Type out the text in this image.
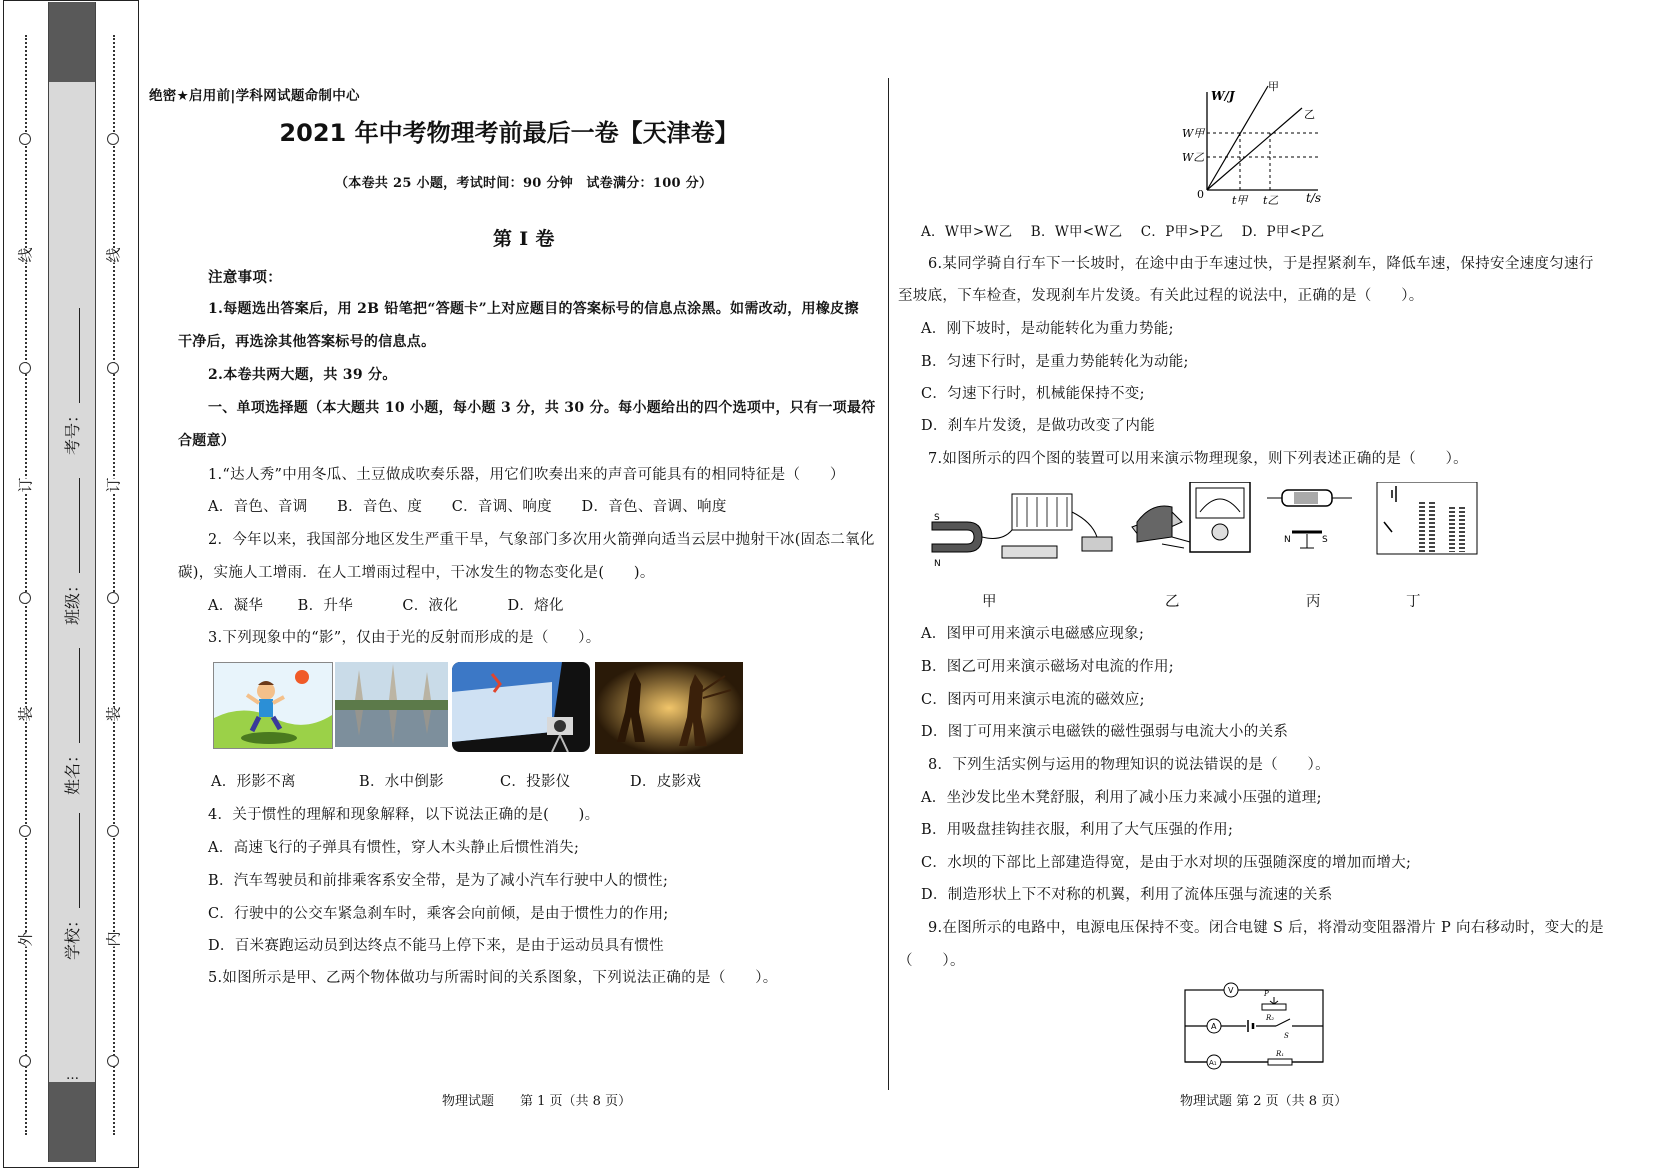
外
装
订
线
内
装
订
线
学校：
姓名：
班级：
考号：
…
绝密★启用前|学科网试题命制中心
2021 年中考物理考前最后一卷【天津卷】
（本卷共 25 小题，考试时间：90 分钟　试卷满分：100 分）
第 I 卷
注意事项：
1.每题选出答案后，用 2B 铅笔把“答题卡”上对应题目的答案标号的信息点涂黑。如需改动，用橡皮擦
干净后，再选涂其他答案标号的信息点。
2.本卷共两大题，共 39 分。
一、单项选择题（本大题共 10 小题，每小题 3 分，共 30 分。每小题给出的四个选项中，只有一项最符
合题意）
1.“达人秀”中用冬瓜、土豆做成吹奏乐器，用它们吹奏出来的声音可能具有的相同特征是（　　）
A．音色、音调　　B．音色、度　　C．音调、响度　　D．音色、音调、响度
2．今年以来，我国部分地区发生严重干旱，气象部门多次用火箭弹向适当云层中抛射干冰(固态二氧化
碳)，实施人工增雨．在人工增雨过程中，干冰发生的物态变化是(　　)。
A．凝华　　 B．升华　　　 C．液化　　　 D．熔化
3.下列现象中的“影”，仅由于光的反射而形成的是（　　）。
A．形影不离	B．水中倒影	C．投影仪	D．皮影戏
4．关于惯性的理解和现象解释，以下说法正确的是(　　)。
A．高速飞行的子弹具有惯性，穿人木头静止后惯性消失;
B．汽车驾驶员和前排乘客系安全带，是为了减小汽车行驶中人的惯性;
C．行驶中的公交车紧急刹车时，乘客会向前倾，是由于惯性力的作用;
D．百米赛跑运动员到达终点不能马上停下来，是由于运动员具有惯性
5.如图所示是甲、乙两个物体做功与所需时间的关系图象，下列说法正确的是（　　）。
物理试题　　第 1 页（共 8 页）
W/J
t/s
0
甲
乙
W甲
W乙
t甲 t乙
A．W甲>W乙　 B．W甲<W乙　 C．P甲>P乙　 D．P甲<P乙
6.某同学骑自行车下一长坡时，在途中由于车速过快，于是捏紧刹车，降低车速，保持安全速度匀速行
至坡底，下车检查，发现刹车片发烫。有关此过程的说法中，正确的是（　　）。
A．刚下坡时，是动能转化为重力势能;
B．匀速下行时，是重力势能转化为动能;
C．匀速下行时，机械能保持不变;
D．刹车片发烫，是做功改变了内能
7.如图所示的四个图的装置可以用来演示物理现象，则下列表述正确的是（　　）。
S
N
N	S
甲	乙	丙	丁
A．图甲可用来演示电磁感应现象;
B．图乙可用来演示磁场对电流的作用;
C．图丙可用来演示电流的磁效应;
D．图丁可用来演示电磁铁的磁性强弱与电流大小的关系
8．下列生活实例与运用的物理知识的说法错误的是（　　）。
A．坐沙发比坐木凳舒服，利用了减小压力来减小压强的道理;
B．用吸盘挂钩挂衣服，利用了大气压强的作用;
C．水坝的下部比上部建造得宽，是由于水对坝的压强随深度的增加而增大;
D．制造形状上下不对称的机翼，利用了流体压强与流速的关系
9.在图所示的电路中，电源电压保持不变。闭合电键 S 后，将滑动变阻器滑片 P 向右移动时，变大的是
（　　）。
V	P
R₂
A
S
A₁
R₁
物理试题 第 2 页（共 8 页）
